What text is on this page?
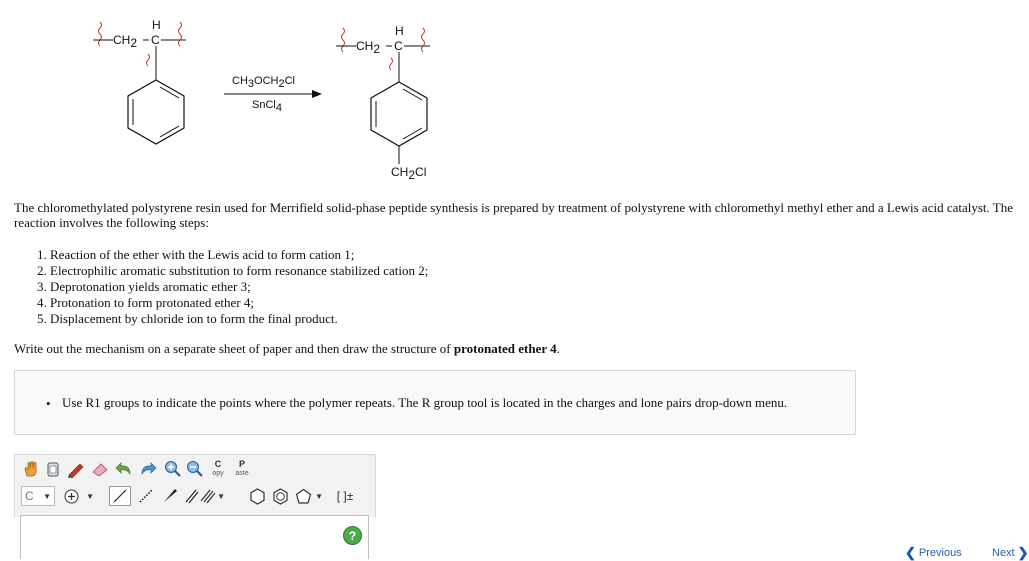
CH2 C
H
CH3OCH2Cl
SnCl4
CH2 C
H
CH2Cl

The chloromethylated polystyrene resin used for Merrifield solid-phase peptide synthesis is prepared by treatment of polystyrene with chloromethyl methyl ether and a Lewis acid catalyst. The reaction involves the following steps:

1. Reaction of the ether with the Lewis acid to form cation 1;
2. Electrophilic aromatic substitution to form resonance stabilized cation 2;
3. Deprotonation yields aromatic ether 3;
4. Protonation to form protonated ether 4;
5. Displacement by chloride ion to form the final product.

Write out the mechanism on a separate sheet of paper and then draw the structure of protonated ether 4.

• Use R1 groups to indicate the points where the polymer repeats. The R group tool is located in the charges and lone pairs drop-down menu.
C
opy
P
aste
C ▼	▼	▼	▼ [ ]±
?
❮ Previous	Next ❯
